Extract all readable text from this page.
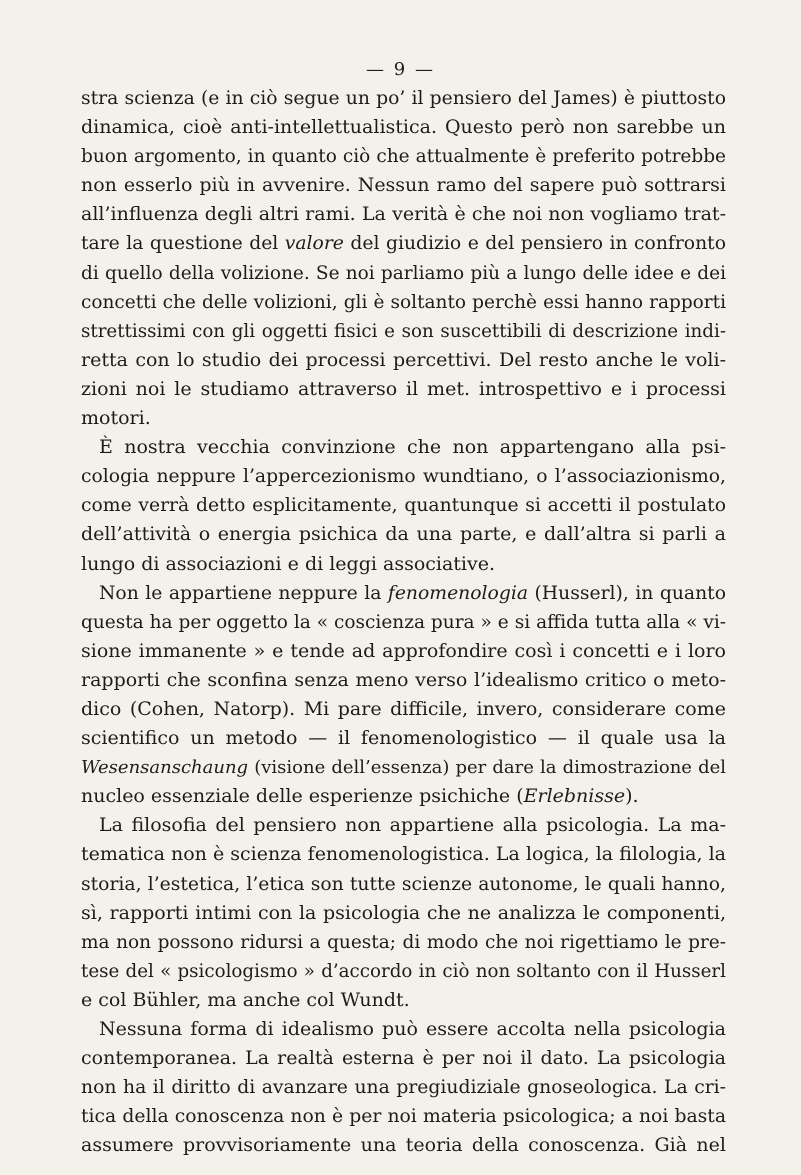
— 9 —
stra scienza (e in ciò segue un po’ il pensiero del James) è piuttosto
dinamica, cioè anti-intellettualistica. Questo però non sarebbe un
buon argomento, in quanto ciò che attualmente è preferito potrebbe
non esserlo più in avvenire. Nessun ramo del sapere può sottrarsi
all’influenza degli altri rami. La verità è che noi non vogliamo trat-
tare la questione del valore del giudizio e del pensiero in confronto
di quello della volizione. Se noi parliamo più a lungo delle idee e dei
concetti che delle volizioni, gli è soltanto perchè essi hanno rapporti
strettissimi con gli oggetti fisici e son suscettibili di descrizione indi-
retta con lo studio dei processi percettivi. Del resto anche le voli-
zioni noi le studiamo attraverso il met. introspettivo e i processi
motori.
È nostra vecchia convinzione che non appartengano alla psi-
cologia neppure l’appercezionismo wundtiano, o l’associazionismo,
come verrà detto esplicitamente, quantunque si accetti il postulato
dell’attività o energia psichica da una parte, e dall’altra si parli a
lungo di associazioni e di leggi associative.
Non le appartiene neppure la fenomenologia (Husserl), in quanto
questa ha per oggetto la « coscienza pura » e si affida tutta alla « vi-
sione immanente » e tende ad approfondire così i concetti e i loro
rapporti che sconfina senza meno verso l’idealismo critico o meto-
dico (Cohen, Natorp). Mi pare difficile, invero, considerare come
scientifico un metodo — il fenomenologistico — il quale usa la
Wesensanschaung (visione dell’essenza) per dare la dimostrazione del
nucleo essenziale delle esperienze psichiche (Erlebnisse).
La filosofia del pensiero non appartiene alla psicologia. La ma-
tematica non è scienza fenomenologistica. La logica, la filologia, la
storia, l’estetica, l’etica son tutte scienze autonome, le quali hanno,
sì, rapporti intimi con la psicologia che ne analizza le componenti,
ma non possono ridursi a questa; di modo che noi rigettiamo le pre-
tese del « psicologismo » d’accordo in ciò non soltanto con il Husserl
e col Bühler, ma anche col Wundt.
Nessuna forma di idealismo può essere accolta nella psicologia
contemporanea. La realtà esterna è per noi il dato. La psicologia
non ha il diritto di avanzare una pregiudiziale gnoseologica. La cri-
tica della conoscenza non è per noi materia psicologica; a noi basta
assumere provvisoriamente una teoria della conoscenza. Già nel
